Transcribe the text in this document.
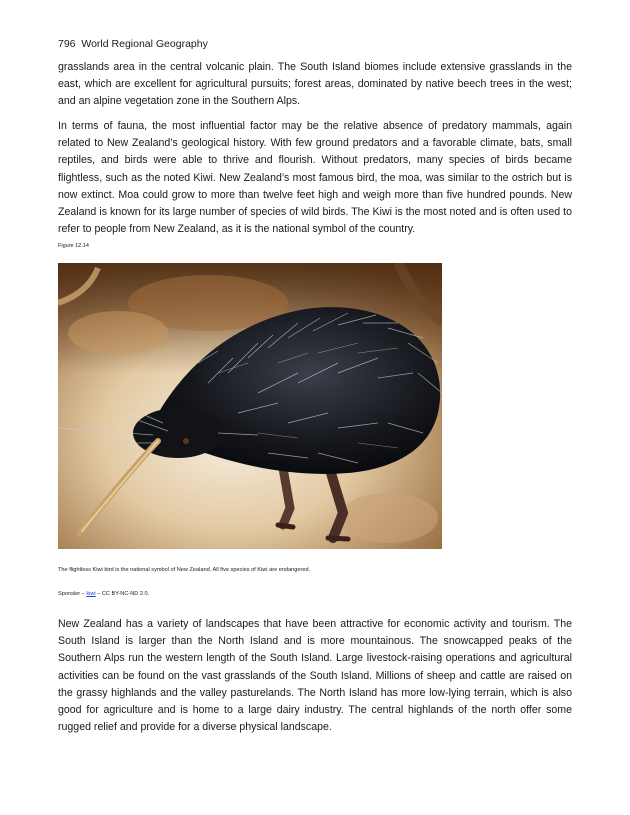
796 World Regional Geography

grasslands area in the central volcanic plain. The South Island biomes include extensive grasslands in the east, which are excellent for agricultural pursuits; forest areas, dominated by native beech trees in the west; and an alpine vegetation zone in the Southern Alps.

In terms of fauna, the most influential factor may be the relative absence of predatory mammals, again related to New Zealand’s geological history. With few ground predators and a favorable climate, bats, small reptiles, and birds were able to thrive and flourish. Without predators, many species of birds became flightless, such as the noted Kiwi. New Zealand’s most famous bird, the moa, was similar to the ostrich but is now extinct. Moa could grow to more than twelve feet high and weigh more than five hundred pounds. New Zealand is known for its large number of species of wild birds. The Kiwi is the most noted and is often used to refer to people from New Zealand, as it is the national symbol of the country.

Figure 12.14
The flightless Kiwi bird is the national symbol of New Zealand. All five species of Kiwi are endangered.
Sponsler – kiwi – CC BY-NC-ND 2.0.

New Zealand has a variety of landscapes that have been attractive for economic activity and tourism. The South Island is larger than the North Island and is more mountainous. The snowcapped peaks of the Southern Alps run the western length of the South Island. Large livestock-raising operations and agricultural activities can be found on the vast grasslands of the South Island. Millions of sheep and cattle are raised on the grassy highlands and the valley pasturelands. The North Island has more low-lying terrain, which is also good for agriculture and is home to a large dairy industry. The central highlands of the north offer some rugged relief and provide for a diverse physical landscape.
